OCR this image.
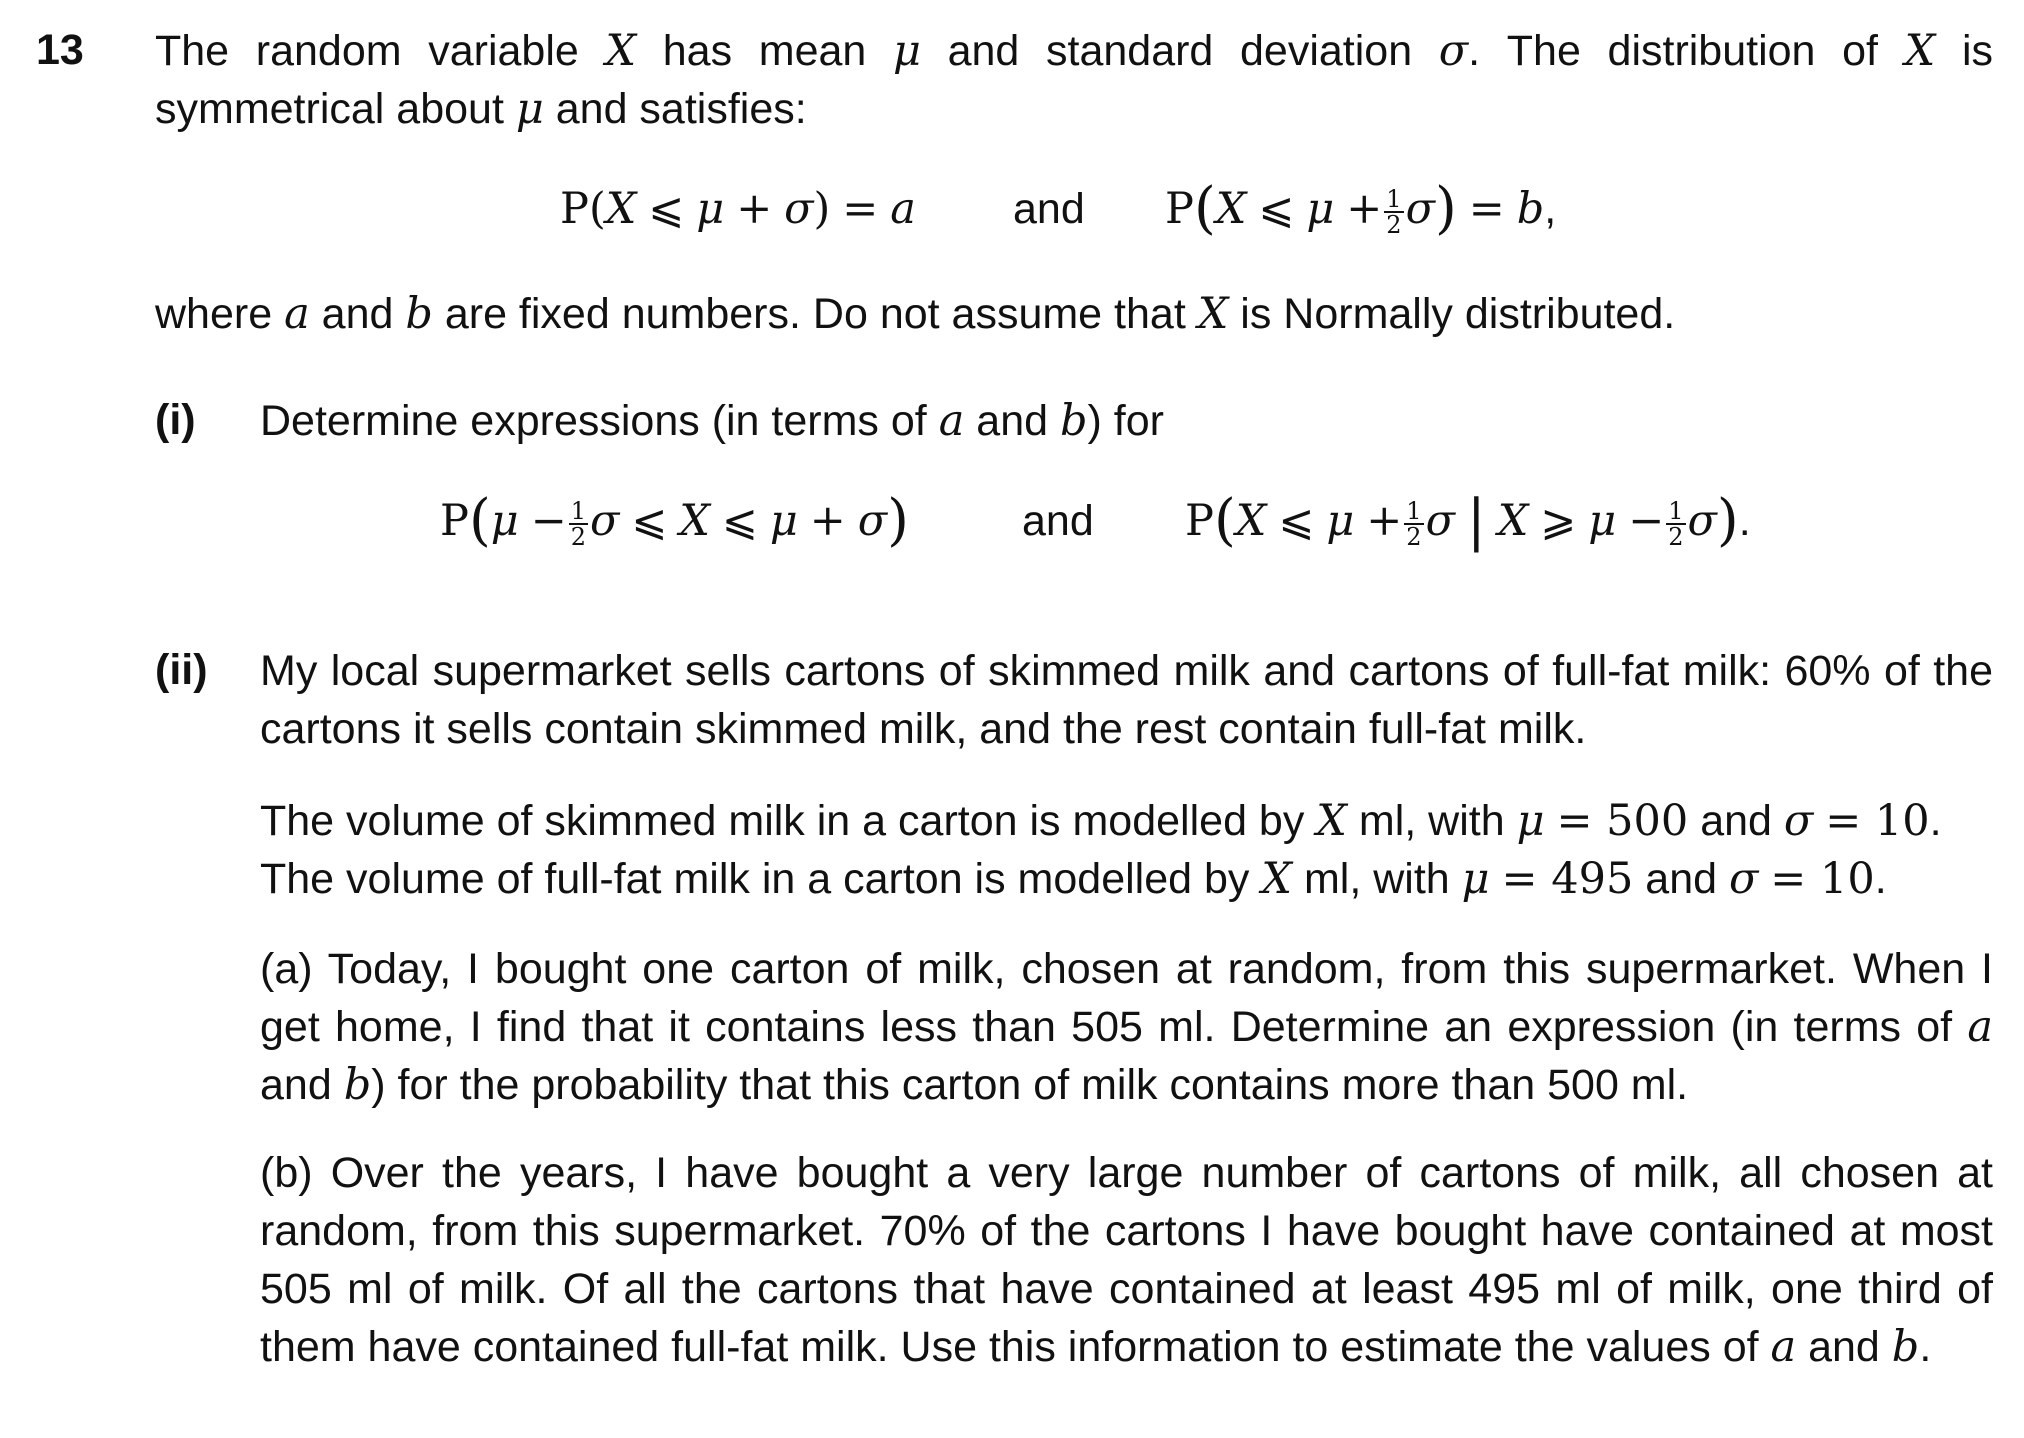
13 The random variable X has mean μ and standard deviation σ. The distribution of X is symmetrical about μ and satisfies:
P(X ⩽ μ + σ) = a and P(X ⩽ $\mu + \frac{1}{2} \sigma) = b$,
where a and b are fixed numbers. Do not assume that X is Normally distributed.
(i) Determine expressions (in terms of a and b) for
$P(\mu - \frac{1}{2}$ σ ⩽ X ⩽ μ + σ)	and P(X ⩽ $\mu + \frac{1}{2}$ σ | X ⩾ $\mu - \frac{1}{2} \sigma$).
(ii) My local supermarket sells cartons of skimmed milk and cartons of full-fat milk: 60% of the cartons it sells contain skimmed milk, and the rest contain full-fat milk.
The volume of skimmed milk in a carton is modelled by X ml, with μ = 500 and σ = 10.
The volume of full-fat milk in a carton is modelled by X ml, with μ = 495 and σ = 10.
(a) Today, I bought one carton of milk, chosen at random, from this supermarket. When I get home, I find that it contains less than 505 ml. Determine an expression (in terms of a and b) for the probability that this carton of milk contains more than 500 ml.
(b) Over the years, I have bought a very large number of cartons of milk, all chosen at random, from this supermarket. 70% of the cartons I have bought have contained at most 505 ml of milk. Of all the cartons that have contained at least 495 ml of milk, one third of them have contained full-fat milk. Use this information to estimate the values of a and b.
